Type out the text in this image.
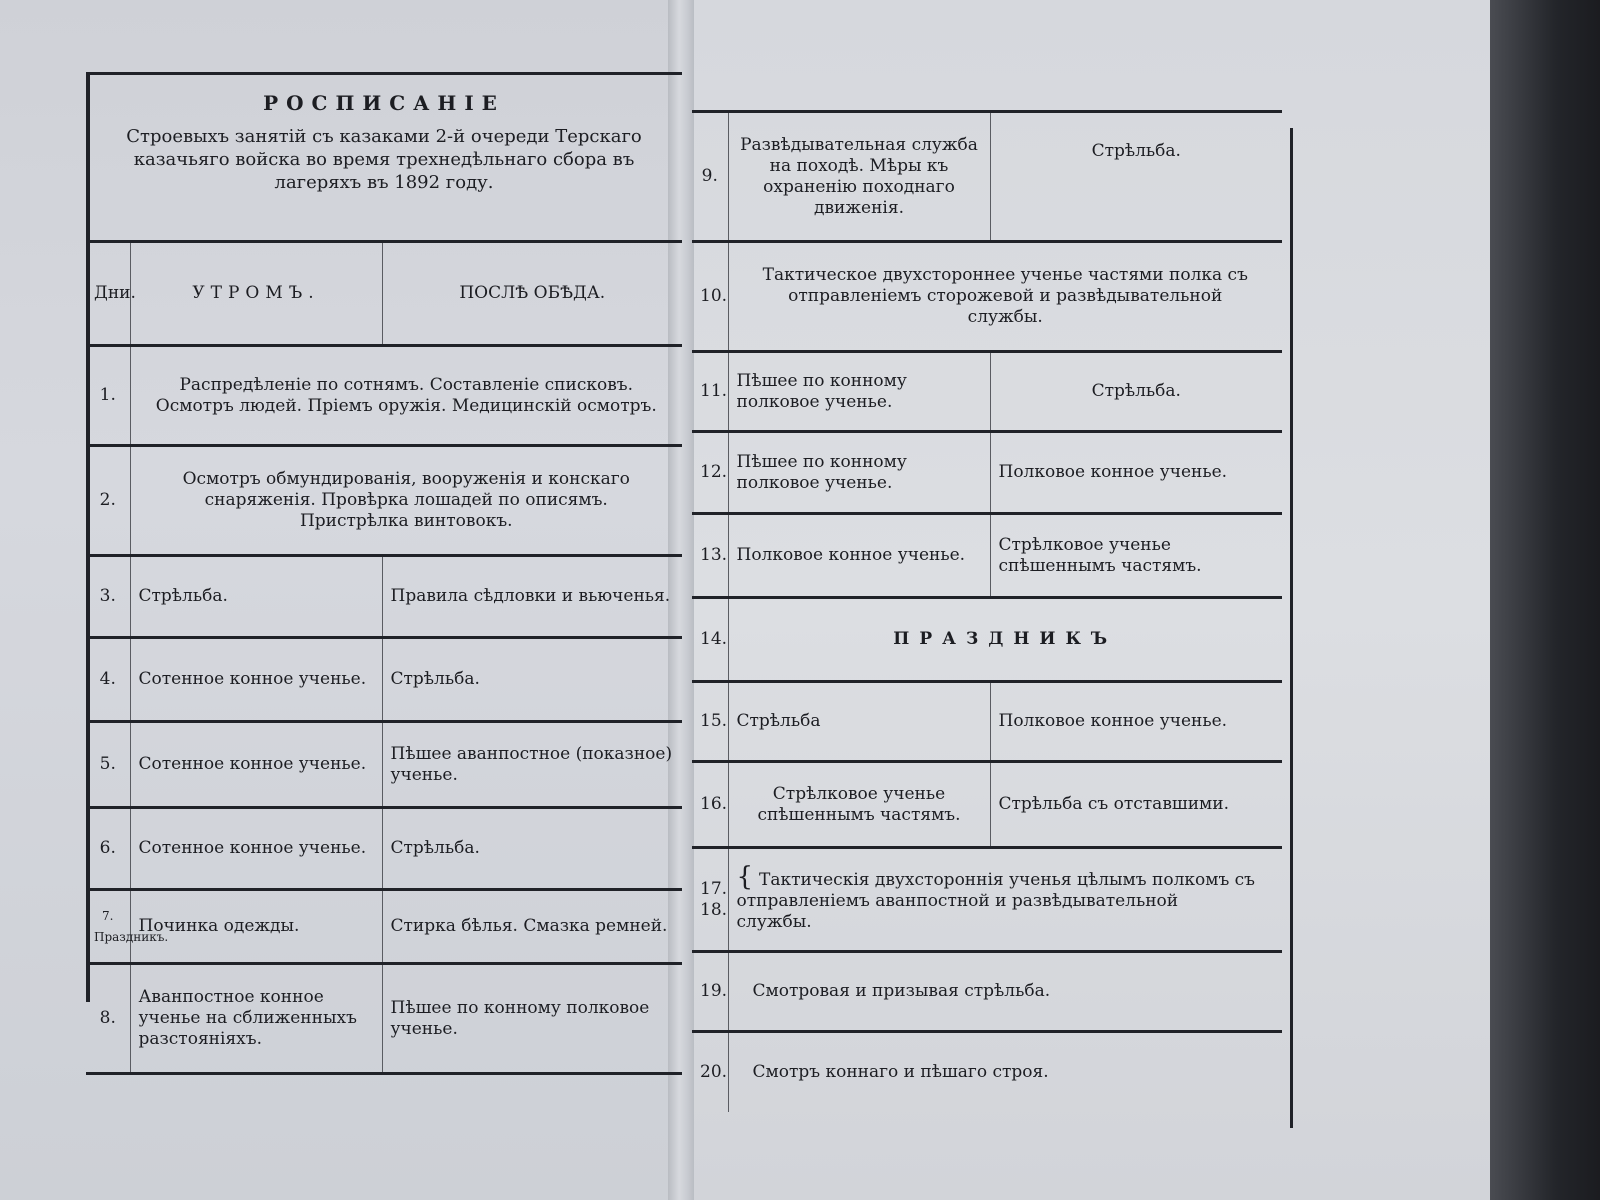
РОСПИСАНІЕ
Строевыхъ занятій съ казаками 2-й очереди Терскаго казачьяго войска во время трехнедѣльнаго сбора въ лагеряхъ въ 1892 году.
Дни.	УТРОМЪ.	ПОСЛѢ ОБѢДА.
1.	Распредѣленіе по сотнямъ. Составленіе списковъ. Осмотръ людей. Пріемъ оружія. Медицинскій осмотръ.	
2.	Осмотръ обмундированія, вооруженія и конскаго снаряженія. Провѣрка лошадей по описямъ. Пристрѣлка винтовокъ.	
3.	Стрѣльба.	Правила сѣдловки и вьюченья.
4.	Сотенное конное ученье.	Стрѣльба.
5.	Сотенное конное ученье.	Пѣшее аванпостное (показное) ученье.
6.	Сотенное конное ученье.	Стрѣльба.
7. Праздникъ.	Починка одежды.	Стирка бѣлья. Смазка ремней.
8.	Аванпостное конное ученье на сближенныхъ разстояніяхъ.	Пѣшее по конному полковое ученье.
9.	Развѣдывательная служба на походѣ. Мѣры къ охраненію походнаго движенія.	Стрѣльба.
10.	Тактическое двухстороннее ученье частями полка съ отправленіемъ сторожевой и развѣдывательной службы.	
11.	Пѣшее по конному полковое ученье.	Стрѣльба.
12.	Пѣшее по конному полковое ученье.	Полковое конное ученье.
13.	Полковое конное ученье.	Стрѣлковое ученье спѣшеннымъ частямъ.
14.	ПРАЗДНИКЪ	
15.	Стрѣльба	Полковое конное ученье.
16.	Стрѣлковое ученье спѣшеннымъ частямъ.	Стрѣльба съ отставшими.
17. 18.	{ Тактическія двухстороннія ученья цѣлымъ полкомъ съ отправленіемъ аванпостной и развѣдывательной службы.	
19.	Смотровая и призывая стрѣльба.	
20.	Смотръ коннаго и пѣшаго строя.	
